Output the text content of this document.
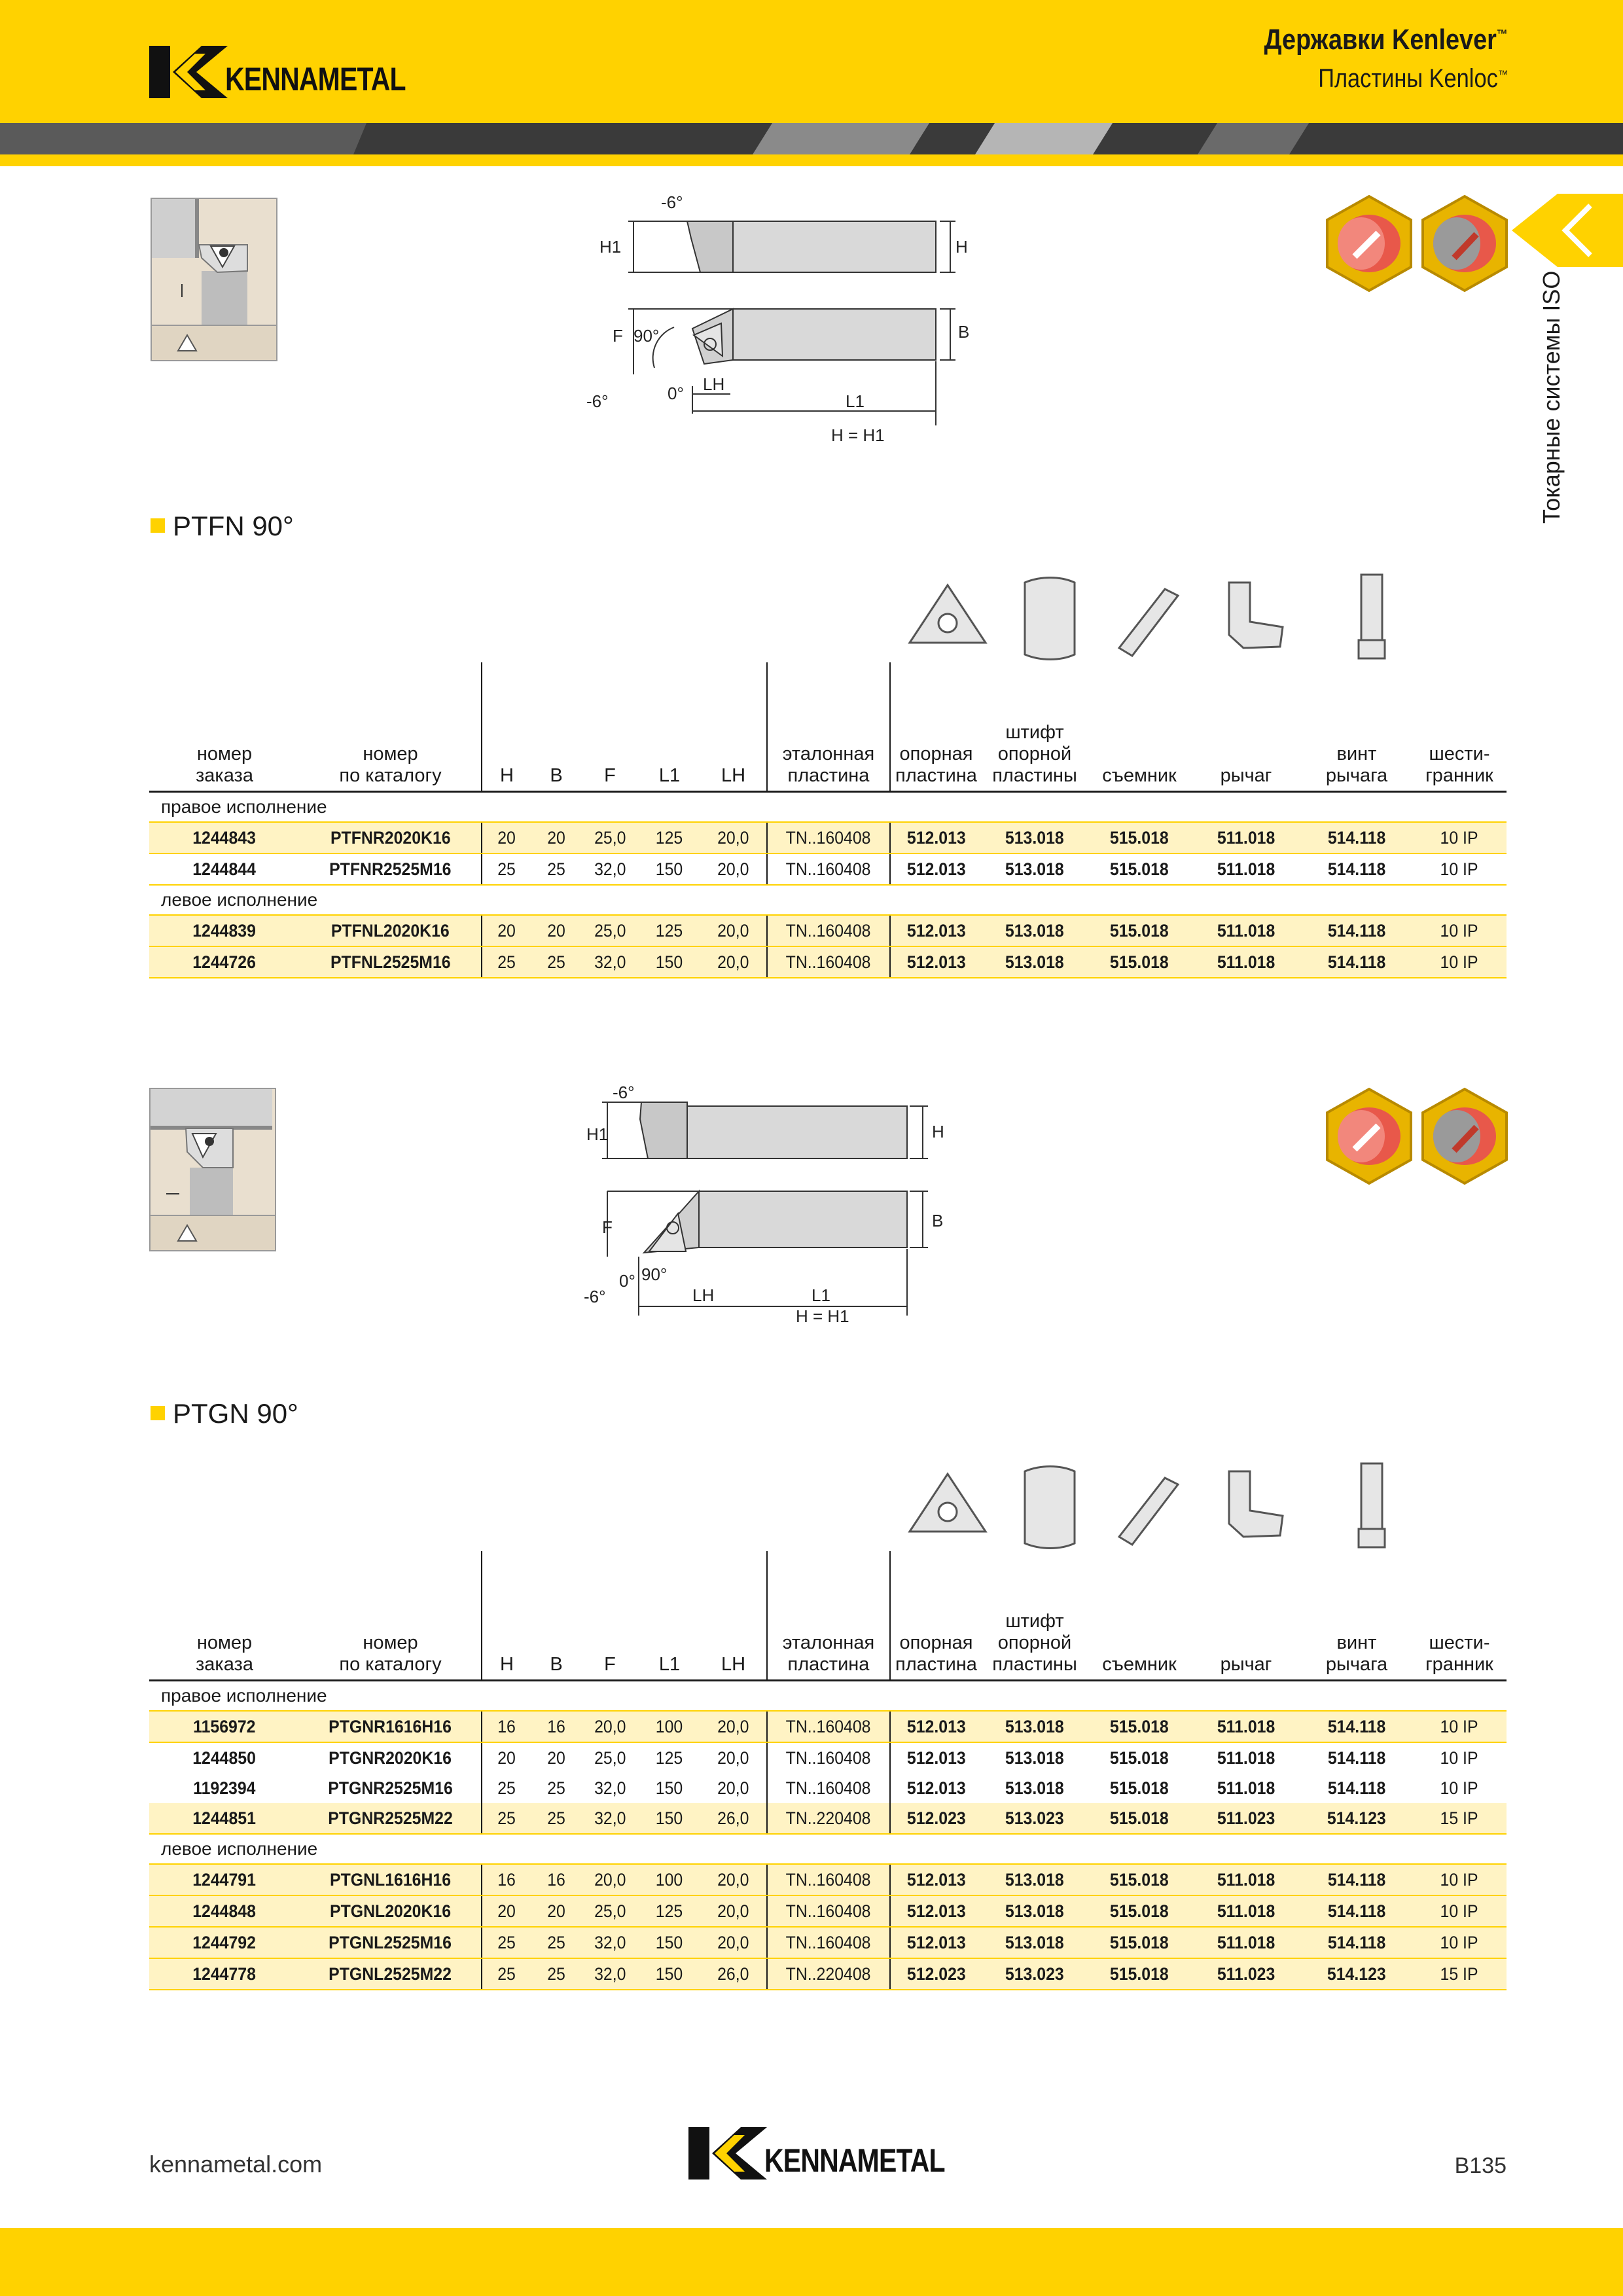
KENNAMETAL
Державки Kenlever™
Пластины Kenloc™
Токарные системы ISO
-6°
H1	H
F 90°	B
-6°	0° LH
L1
H = H1
PTFN 90°
номер
заказа	номер
по каталогу	H	B	F	L1	LH	эталонная
пластина	опорная
пластина	штифт
опорной
пластины	съемник	рычаг	винт
рычага	шести-
гранник
правое исполнение													
1244843	PTFNR2020K16	20	20	25,0	125	20,0	TN..160408	512.013	513.018	515.018	511.018	514.118	10 IP
1244844	PTFNR2525M16	25	25	32,0	150	20,0	TN..160408	512.013	513.018	515.018	511.018	514.118	10 IP
левое исполнение													
1244839	PTFNL2020K16	20	20	25,0	125	20,0	TN..160408	512.013	513.018	515.018	511.018	514.118	10 IP
1244726	PTFNL2525M16	25	25	32,0	150	20,0	TN..160408	512.013	513.018	515.018	511.018	514.118	10 IP
-6°
H1	H
F
90°
B
-6°
0°
LH	L1
H = H1
PTGN 90°
номер
заказа	номер
по каталогу	H	B	F	L1	LH	эталонная
пластина	опорная
пластина	штифт
опорной
пластины	съемник	рычаг	винт
рычага	шести-
гранник
правое исполнение													
1156972	PTGNR1616H16	16	16	20,0	100	20,0	TN..160408	512.013	513.018	515.018	511.018	514.118	10 IP
1244850	PTGNR2020K16	20	20	25,0	125	20,0	TN..160408	512.013	513.018	515.018	511.018	514.118	10 IP
1192394	PTGNR2525M16	25	25	32,0	150	20,0	TN..160408	512.013	513.018	515.018	511.018	514.118	10 IP
1244851	PTGNR2525M22	25	25	32,0	150	26,0	TN..220408	512.023	513.023	515.018	511.023	514.123	15 IP
левое исполнение													
1244791	PTGNL1616H16	16	16	20,0	100	20,0	TN..160408	512.013	513.018	515.018	511.018	514.118	10 IP
1244848	PTGNL2020K16	20	20	25,0	125	20,0	TN..160408	512.013	513.018	515.018	511.018	514.118	10 IP
1244792	PTGNL2525M16	25	25	32,0	150	20,0	TN..160408	512.013	513.018	515.018	511.018	514.118	10 IP
1244778	PTGNL2525M22	25	25	32,0	150	26,0	TN..220408	512.023	513.023	515.018	511.023	514.123	15 IP
kennametal.com	KENNAMETAL	B135
